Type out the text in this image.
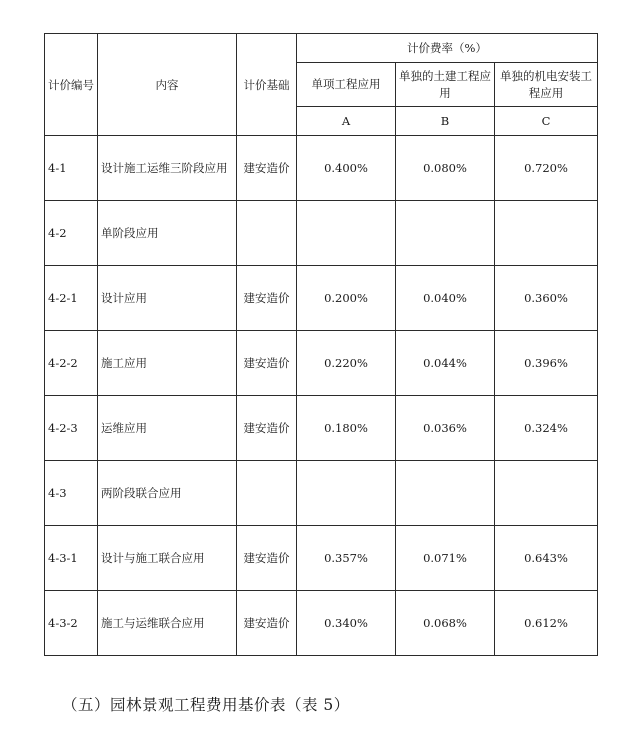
计价编号	内容	计价基础	计价费率（%）		
			单项工程应用	单独的土建工程应用	单独的机电安装工程应用
			A	B	C
4-1	设计施工运维三阶段应用	建安造价	0.400%	0.080%	0.720%
4-2	单阶段应用				
4-2-1	设计应用	建安造价	0.200%	0.040%	0.360%
4-2-2	施工应用	建安造价	0.220%	0.044%	0.396%
4-2-3	运维应用	建安造价	0.180%	0.036%	0.324%
4-3	两阶段联合应用				
4-3-1	设计与施工联合应用	建安造价	0.357%	0.071%	0.643%
4-3-2	施工与运维联合应用	建安造价	0.340%	0.068%	0.612%
（五）园林景观工程费用基价表（表 5）
